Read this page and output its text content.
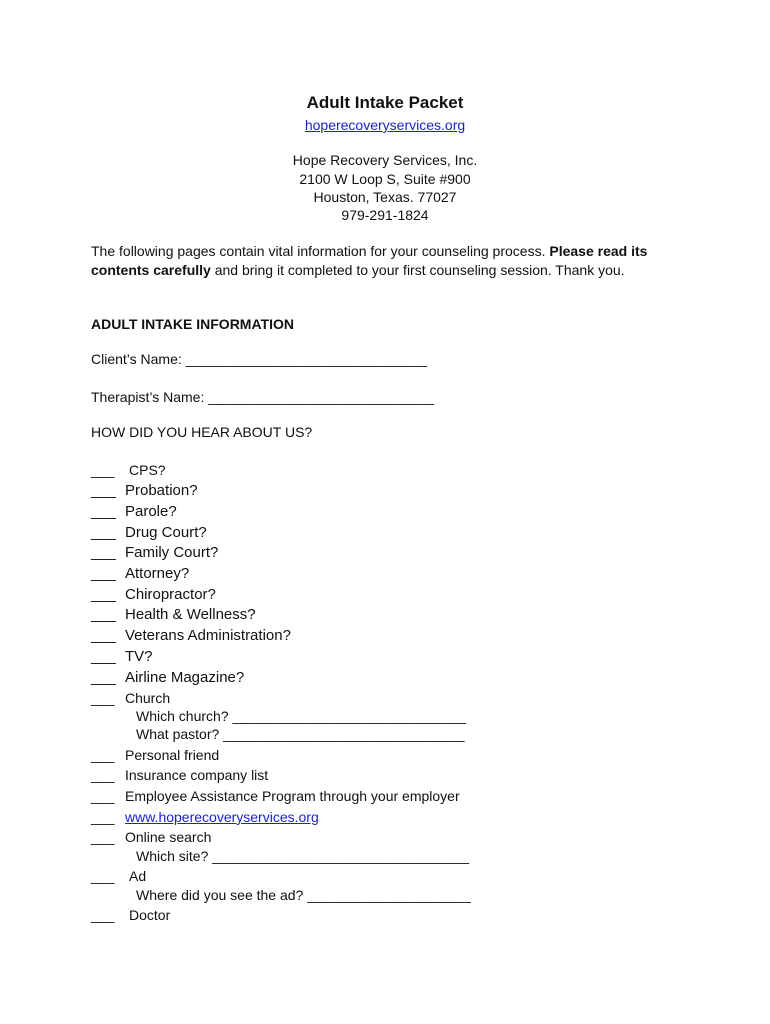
Adult Intake Packet
hoperecoveryservices.org
Hope Recovery Services, Inc.
2100 W Loop S, Suite #900
Houston, Texas. 77027
979-291-1824
The following pages contain vital information for your counseling process. Please read its contents carefully and bring it completed to your first counseling session. Thank you.
ADULT INTAKE INFORMATION
Client’s Name: _______________________________
Therapist’s Name: _____________________________
HOW DID YOU HEAR ABOUT US?
___ CPS?
___ Probation?
___ Parole?
___ Drug Court?
___ Family Court?
___ Attorney?
___ Chiropractor?
___ Health & Wellness?
___ Veterans Administration?
___ TV?
___ Airline Magazine?
___ Church
Which church? ______________________________
What pastor? _______________________________
___ Personal friend
___ Insurance company list
___ Employee Assistance Program through your employer
___ www.hoperecoveryservices.org
___ Online search
Which site? _________________________________
___ Ad
Where did you see the ad? _____________________
___ Doctor
